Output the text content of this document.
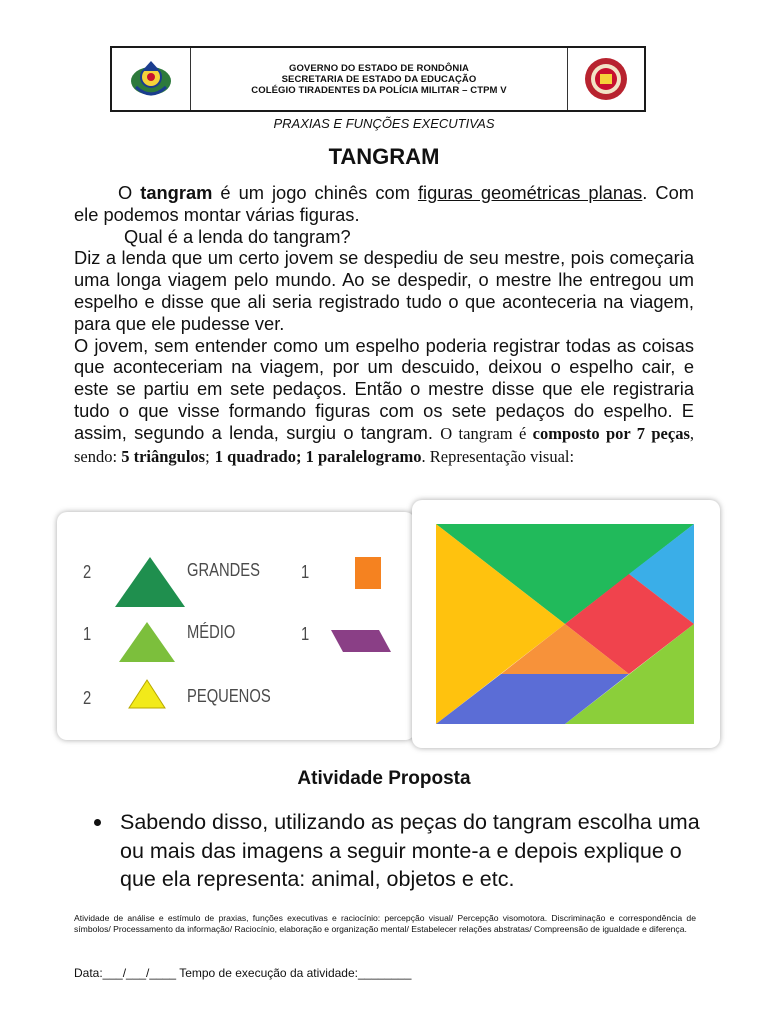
GOVERNO DO ESTADO DE RONDÔNIA
SECRETARIA DE ESTADO DA EDUCAÇÃO
COLÉGIO TIRADENTES DA POLÍCIA MILITAR – CTPM V
PRAXIAS E FUNÇÕES EXECUTIVAS
TANGRAM

O tangram é um jogo chinês com figuras geométricas planas. Com ele podemos montar várias figuras.

Qual é a lenda do tangram?

Diz a lenda que um certo jovem se despediu de seu mestre, pois começaria uma longa viagem pelo mundo. Ao se despedir, o mestre lhe entregou um espelho e disse que ali seria registrado tudo o que aconteceria na viagem, para que ele pudesse ver.

O jovem, sem entender como um espelho poderia registrar todas as coisas que aconteceriam na viagem, por um descuido, deixou o espelho cair, e este se partiu em sete pedaços. Então o mestre disse que ele registraria tudo o que visse formando figuras com os sete pedaços do espelho. E assim, segundo a lenda, surgiu o tangram. O tangram é composto por 7 peças, sendo: 5 triângulos; 1 quadrado; 1 paralelogramo. Representação visual:

2	GRANDES 1
1	MÉDIO	1
2	PEQUENOS
Atividade Proposta

Sabendo disso, utilizando as peças do tangram escolha uma ou mais das imagens a seguir monte-a e depois explique o que ela representa: animal, objetos e etc.

Atividade de análise e estímulo de praxias, funções executivas e raciocínio: percepção visual/ Percepção visomotora. Discriminação e correspondência de símbolos/ Processamento da informação/ Raciocínio, elaboração e organização mental/ Estabelecer relações abstratas/ Compreensão de igualdade e diferença.
Data:___/___/____ Tempo de execução da atividade:________
